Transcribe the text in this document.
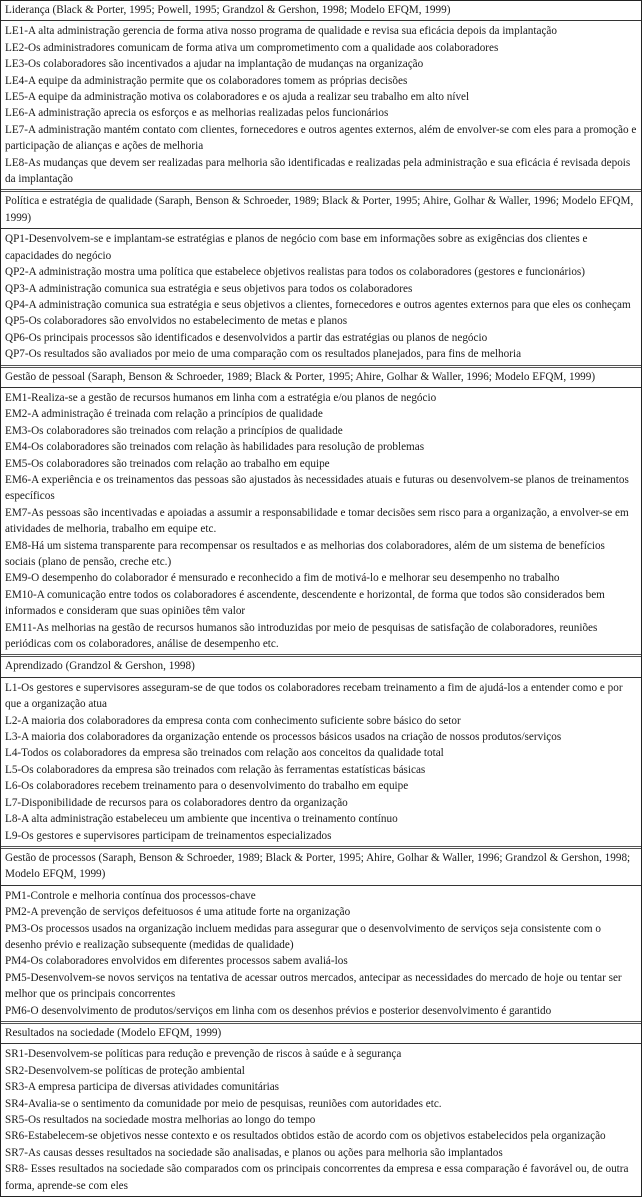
Liderança (Black & Porter, 1995; Powell, 1995; Grandzol & Gershon, 1998; Modelo EFQM, 1999)
LE1-A alta administração gerencia de forma ativa nosso programa de qualidade e revisa sua eficácia depois da implantação
LE2-Os administradores comunicam de forma ativa um comprometimento com a qualidade aos colaboradores
LE3-Os colaboradores são incentivados a ajudar na implantação de mudanças na organização
LE4-A equipe da administração permite que os colaboradores tomem as próprias decisões
LE5-A equipe da administração motiva os colaboradores e os ajuda a realizar seu trabalho em alto nível
LE6-A administração aprecia os esforços e as melhorias realizadas pelos funcionários
LE7-A administração mantém contato com clientes, fornecedores e outros agentes externos, além de envolver-se com eles para a promoção e participação de alianças e ações de melhoria
LE8-As mudanças que devem ser realizadas para melhoria são identificadas e realizadas pela administração e sua eficácia é revisada depois da implantação
Política e estratégia de qualidade (Saraph, Benson & Schroeder, 1989; Black & Porter, 1995; Ahire, Golhar & Waller, 1996; Modelo EFQM, 1999)
QP1-Desenvolvem-se e implantam-se estratégias e planos de negócio com base em informações sobre as exigências dos clientes e capacidades do negócio
QP2-A administração mostra uma política que estabelece objetivos realistas para todos os colaboradores (gestores e funcionários)
QP3-A administração comunica sua estratégia e seus objetivos para todos os colaboradores
QP4-A administração comunica sua estratégia e seus objetivos a clientes, fornecedores e outros agentes externos para que eles os conheçam
QP5-Os colaboradores são envolvidos no estabelecimento de metas e planos
QP6-Os principais processos são identificados e desenvolvidos a partir das estratégias ou planos de negócio
QP7-Os resultados são avaliados por meio de uma comparação com os resultados planejados, para fins de melhoria
Gestão de pessoal (Saraph, Benson & Schroeder, 1989; Black & Porter, 1995; Ahire, Golhar & Waller, 1996; Modelo EFQM, 1999)
EM1-Realiza-se a gestão de recursos humanos em linha com a estratégia e/ou planos de negócio
EM2-A administração é treinada com relação a princípios de qualidade
EM3-Os colaboradores são treinados com relação a princípios de qualidade
EM4-Os colaboradores são treinados com relação às habilidades para resolução de problemas
EM5-Os colaboradores são treinados com relação ao trabalho em equipe
EM6-A experiência e os treinamentos das pessoas são ajustados às necessidades atuais e futuras ou desenvolvem-se planos de treinamentos específicos
EM7-As pessoas são incentivadas e apoiadas a assumir a responsabilidade e tomar decisões sem risco para a organização, a envolver-se em atividades de melhoria, trabalho em equipe etc.
EM8-Há um sistema transparente para recompensar os resultados e as melhorias dos colaboradores, além de um sistema de benefícios sociais (plano de pensão, creche etc.)
EM9-O desempenho do colaborador é mensurado e reconhecido a fim de motivá-lo e melhorar seu desempenho no trabalho
EM10-A comunicação entre todos os colaboradores é ascendente, descendente e horizontal, de forma que todos são considerados bem informados e consideram que suas opiniões têm valor
EM11-As melhorias na gestão de recursos humanos são introduzidas por meio de pesquisas de satisfação de colaboradores, reuniões periódicas com os colaboradores, análise de desempenho etc.
Aprendizado (Grandzol & Gershon, 1998)
L1-Os gestores e supervisores asseguram-se de que todos os colaboradores recebam treinamento a fim de ajudá-los a entender como e por que a organização atua
L2-A maioria dos colaboradores da empresa conta com conhecimento suficiente sobre básico do setor
L3-A maioria dos colaboradores da organização entende os processos básicos usados na criação de nossos produtos/serviços
L4-Todos os colaboradores da empresa são treinados com relação aos conceitos da qualidade total
L5-Os colaboradores da empresa são treinados com relação às ferramentas estatísticas básicas
L6-Os colaboradores recebem treinamento para o desenvolvimento do trabalho em equipe
L7-Disponibilidade de recursos para os colaboradores dentro da organização
L8-A alta administração estabeleceu um ambiente que incentiva o treinamento contínuo
L9-Os gestores e supervisores participam de treinamentos especializados
Gestão de processos (Saraph, Benson & Schroeder, 1989; Black & Porter, 1995; Ahire, Golhar & Waller, 1996; Grandzol & Gershon, 1998; Modelo EFQM, 1999)
PM1-Controle e melhoria contínua dos processos-chave
PM2-A prevenção de serviços defeituosos é uma atitude forte na organização
PM3-Os processos usados na organização incluem medidas para assegurar que o desenvolvimento de serviços seja consistente com o desenho prévio e realização subsequente (medidas de qualidade)
PM4-Os colaboradores envolvidos em diferentes processos sabem avaliá-los
PM5-Desenvolvem-se novos serviços na tentativa de acessar outros mercados, antecipar as necessidades do mercado de hoje ou tentar ser melhor que os principais concorrentes
PM6-O desenvolvimento de produtos/serviços em linha com os desenhos prévios e posterior desenvolvimento é garantido
Resultados na sociedade (Modelo EFQM, 1999)
SR1-Desenvolvem-se políticas para redução e prevenção de riscos à saúde e à segurança
SR2-Desenvolvem-se políticas de proteção ambiental
SR3-A empresa participa de diversas atividades comunitárias
SR4-Avalia-se o sentimento da comunidade por meio de pesquisas, reuniões com autoridades etc.
SR5-Os resultados na sociedade mostra melhorias ao longo do tempo
SR6-Estabelecem-se objetivos nesse contexto e os resultados obtidos estão de acordo com os objetivos estabelecidos pela organização
SR7-As causas desses resultados na sociedade são analisadas, e planos ou ações para melhoria são implantados
SR8- Esses resultados na sociedade são comparados com os principais concorrentes da empresa e essa comparação é favorável ou, de outra forma, aprende-se com eles
